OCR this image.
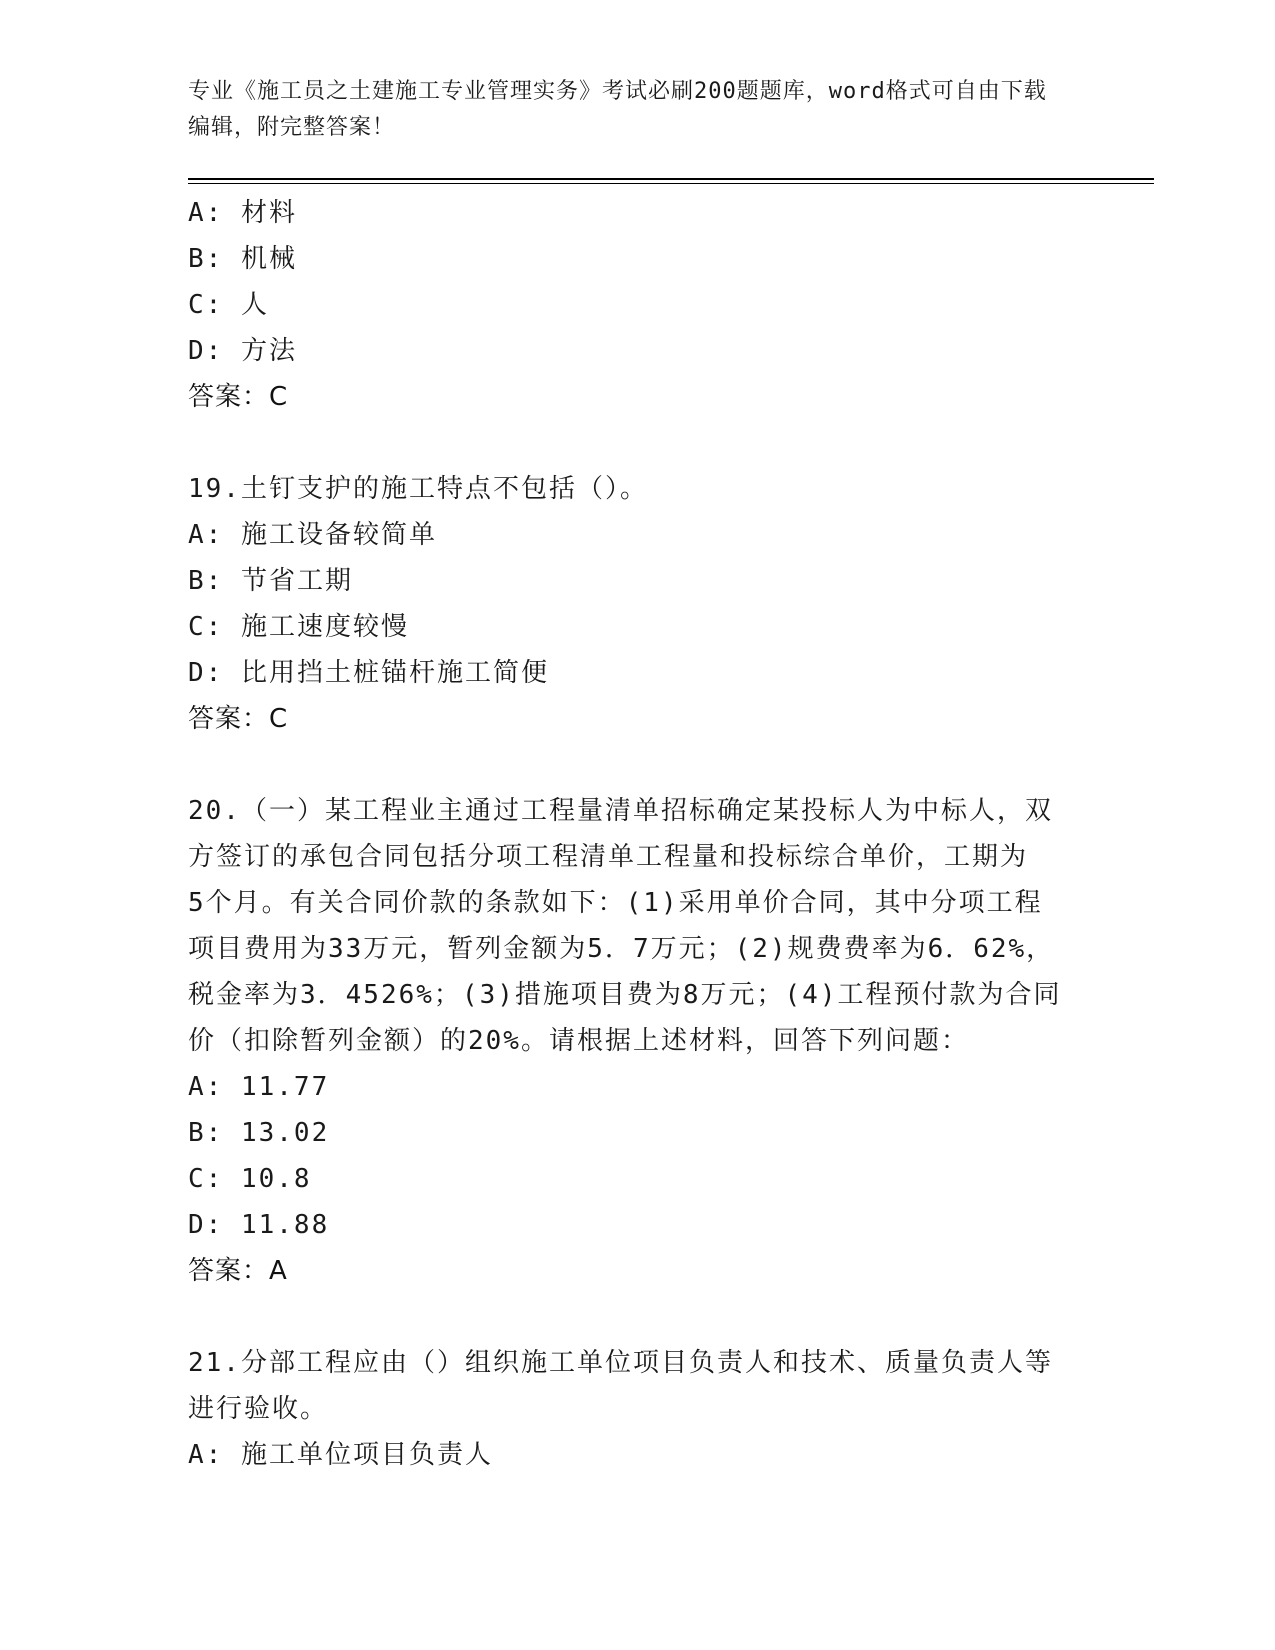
专业《施工员之土建施工专业管理实务》考试必刷200题题库，word格式可自由下载编辑，附完整答案！
A: 材料
B: 机械
C: 人
D: 方法
答案：C
19.土钉支护的施工特点不包括（）。
A: 施工设备较简单
B: 节省工期
C: 施工速度较慢
D: 比用挡土桩锚杆施工简便
答案：C
20.（一）某工程业主通过工程量清单招标确定某投标人为中标人，双
方签订的承包合同包括分项工程清单工程量和投标综合单价，工期为
5个月。有关合同价款的条款如下：(1)采用单价合同，其中分项工程
项目费用为33万元，暂列金额为5．7万元；(2)规费费率为6．62%，
税金率为3．4526%；(3)措施项目费为8万元；(4)工程预付款为合同
价（扣除暂列金额）的20%。请根据上述材料，回答下列问题：
A: 11.77
B: 13.02
C: 10.8
D: 11.88
答案：A
21.分部工程应由（）组织施工单位项目负责人和技术、质量负责人等
进行验收。
A: 施工单位项目负责人
